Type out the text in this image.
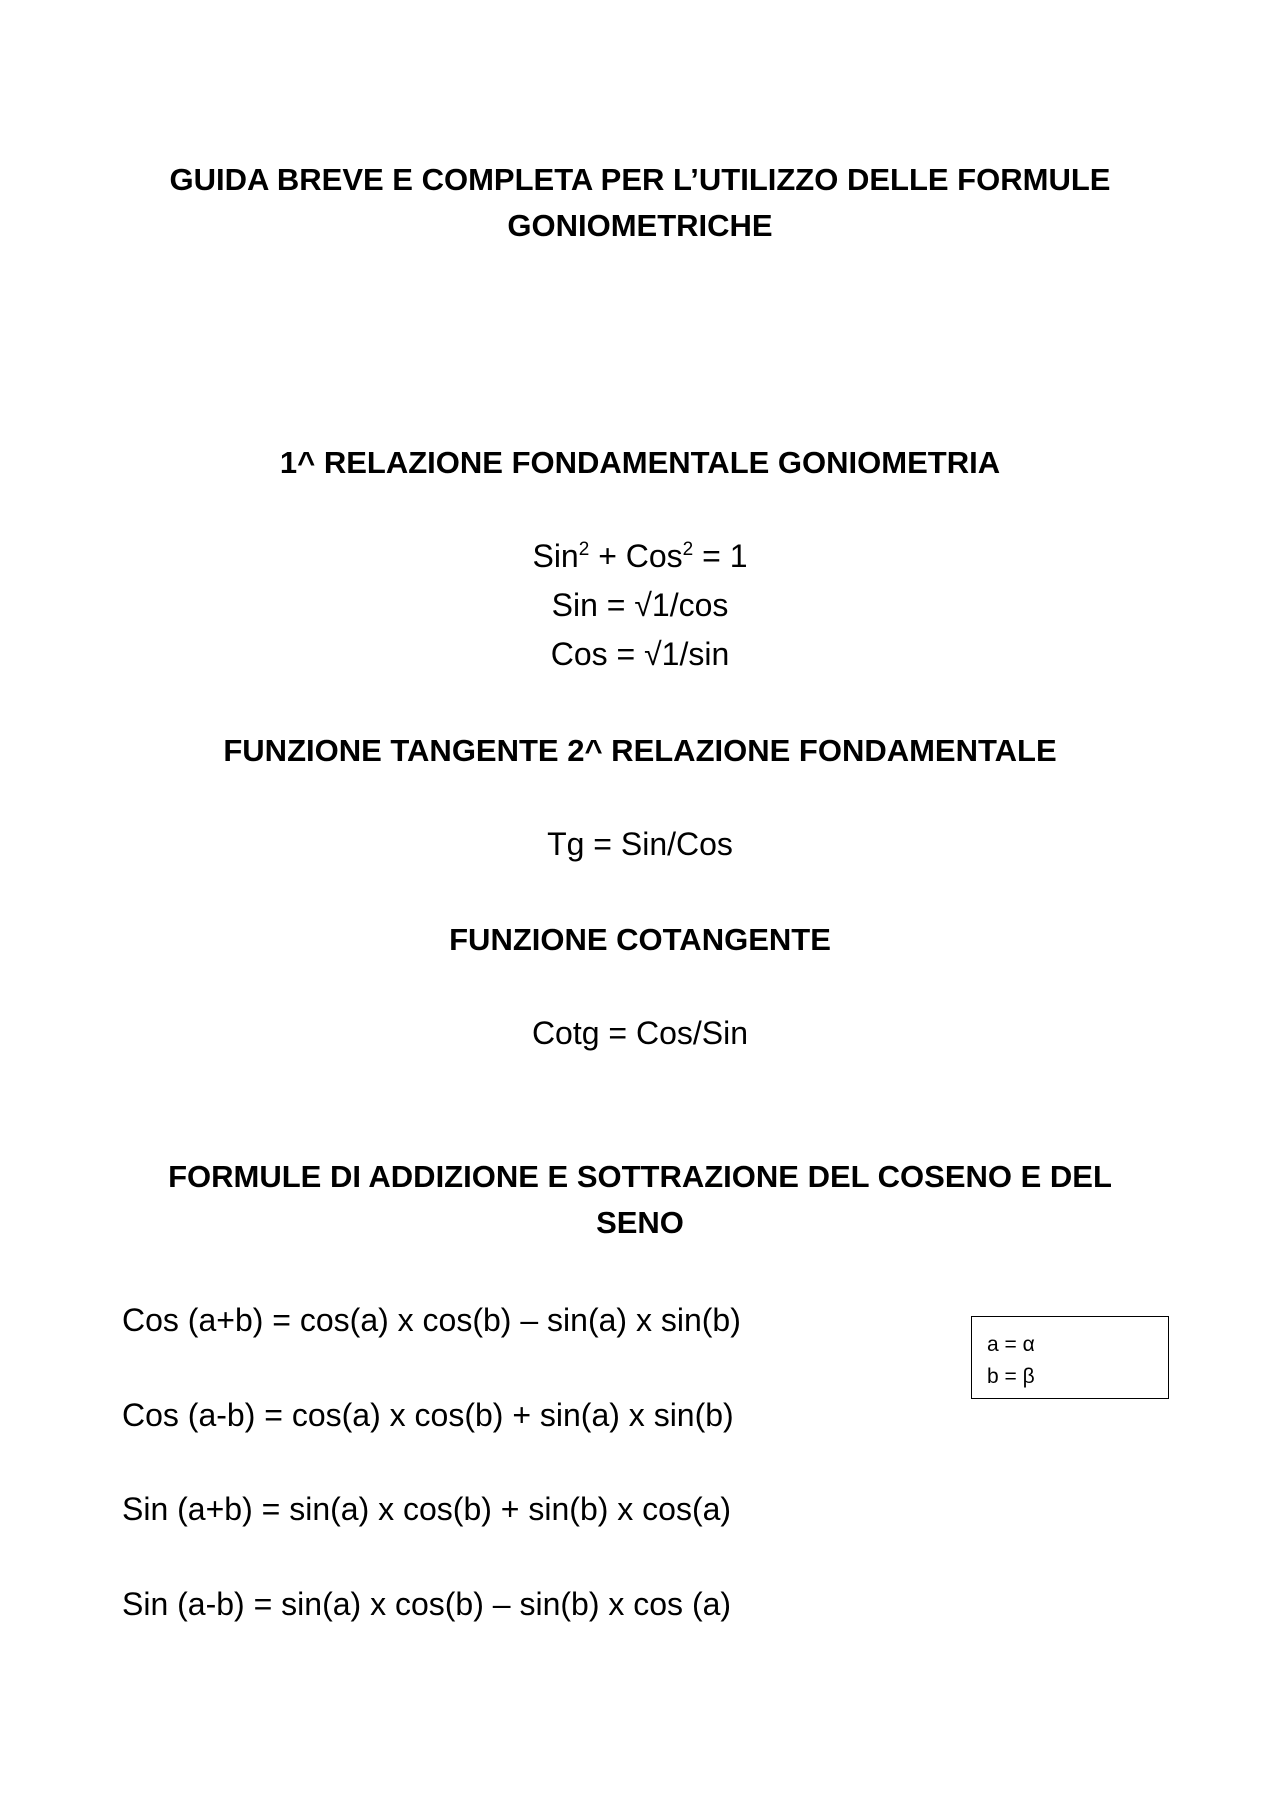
GUIDA BREVE E COMPLETA PER L’UTILIZZO DELLE FORMULE
GONIOMETRICHE
1^ RELAZIONE FONDAMENTALE GONIOMETRIA
Sin$^2$ + Cos$^2$ = 1
Sin = √1/cos
Cos = √1/sin
FUNZIONE TANGENTE 2^ RELAZIONE FONDAMENTALE
Tg = Sin/Cos
FUNZIONE COTANGENTE
Cotg = Cos/Sin
FORMULE DI ADDIZIONE E SOTTRAZIONE DEL COSENO E DEL
SENO
Cos (a+b) = cos(a) x cos(b) – sin(a) x sin(b)
Cos (a-b) = cos(a) x cos(b) + sin(a) x sin(b)
Sin (a+b) = sin(a) x cos(b) + sin(b) x cos(a)
Sin (a-b) = sin(a) x cos(b) – sin(b) x cos (a)
a = α
b = β
